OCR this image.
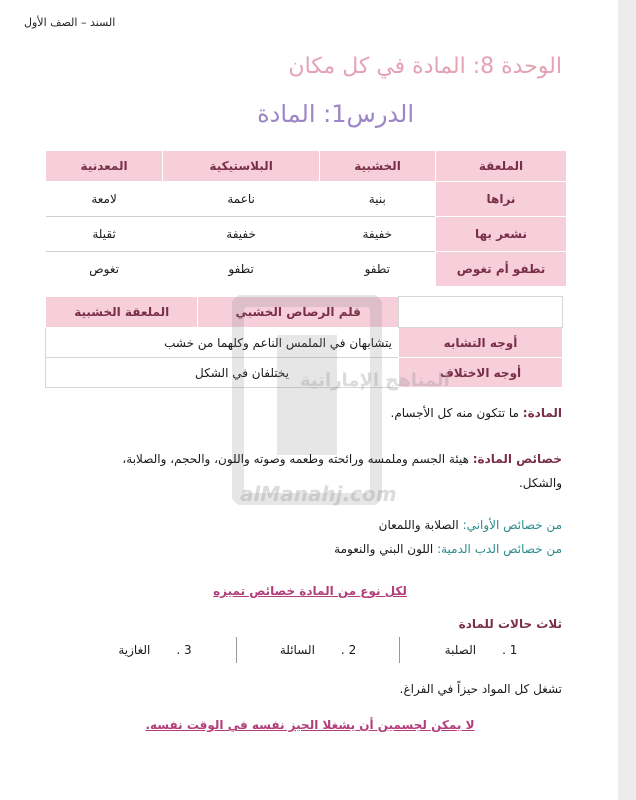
السند – الصف الأول
الوحدة 8: المادة في كل مكان
الدرس1: المادة
الملعقة	الخشبية	البلاستيكية	المعدنية
نراها	بنية	ناعمة	لامعة
نشعر بها	خفيفة	خفيفة	ثقيلة
تطفو أم تغوص	تطفو	تطفو	تغوص
	قلم الرصاص الخشبي	الملعقة الخشبية
أوجه التشابه	يتشابهان في الملمس الناعم وكلهما من خشب	
أوجه الاختلاف	يختلفان في الشكل	المناهج الإماراتية
alManahj.com
المادة: ما تتكون منه كل الأجسام.
خصائص المادة: هيئة الجسم وملمسه ورائحته وطعمه وصوته واللون، والحجم، والصلابة،
والشكل.
من خصائص الأواني: الصلابة واللمعان
من خصائص الدب الدمية: اللون البني والنعومة
لكل نوع من المادة خصائص تميزه
ثلاث حالات للمادة
1 .
الصلبة
2 .
السائلة
3 .
الغازية
تشغل كل المواد حيزاً في الفراغ.
لا يمكن لجسمين أن يشغلا الحيز نفسه في الوقت نفسه.
